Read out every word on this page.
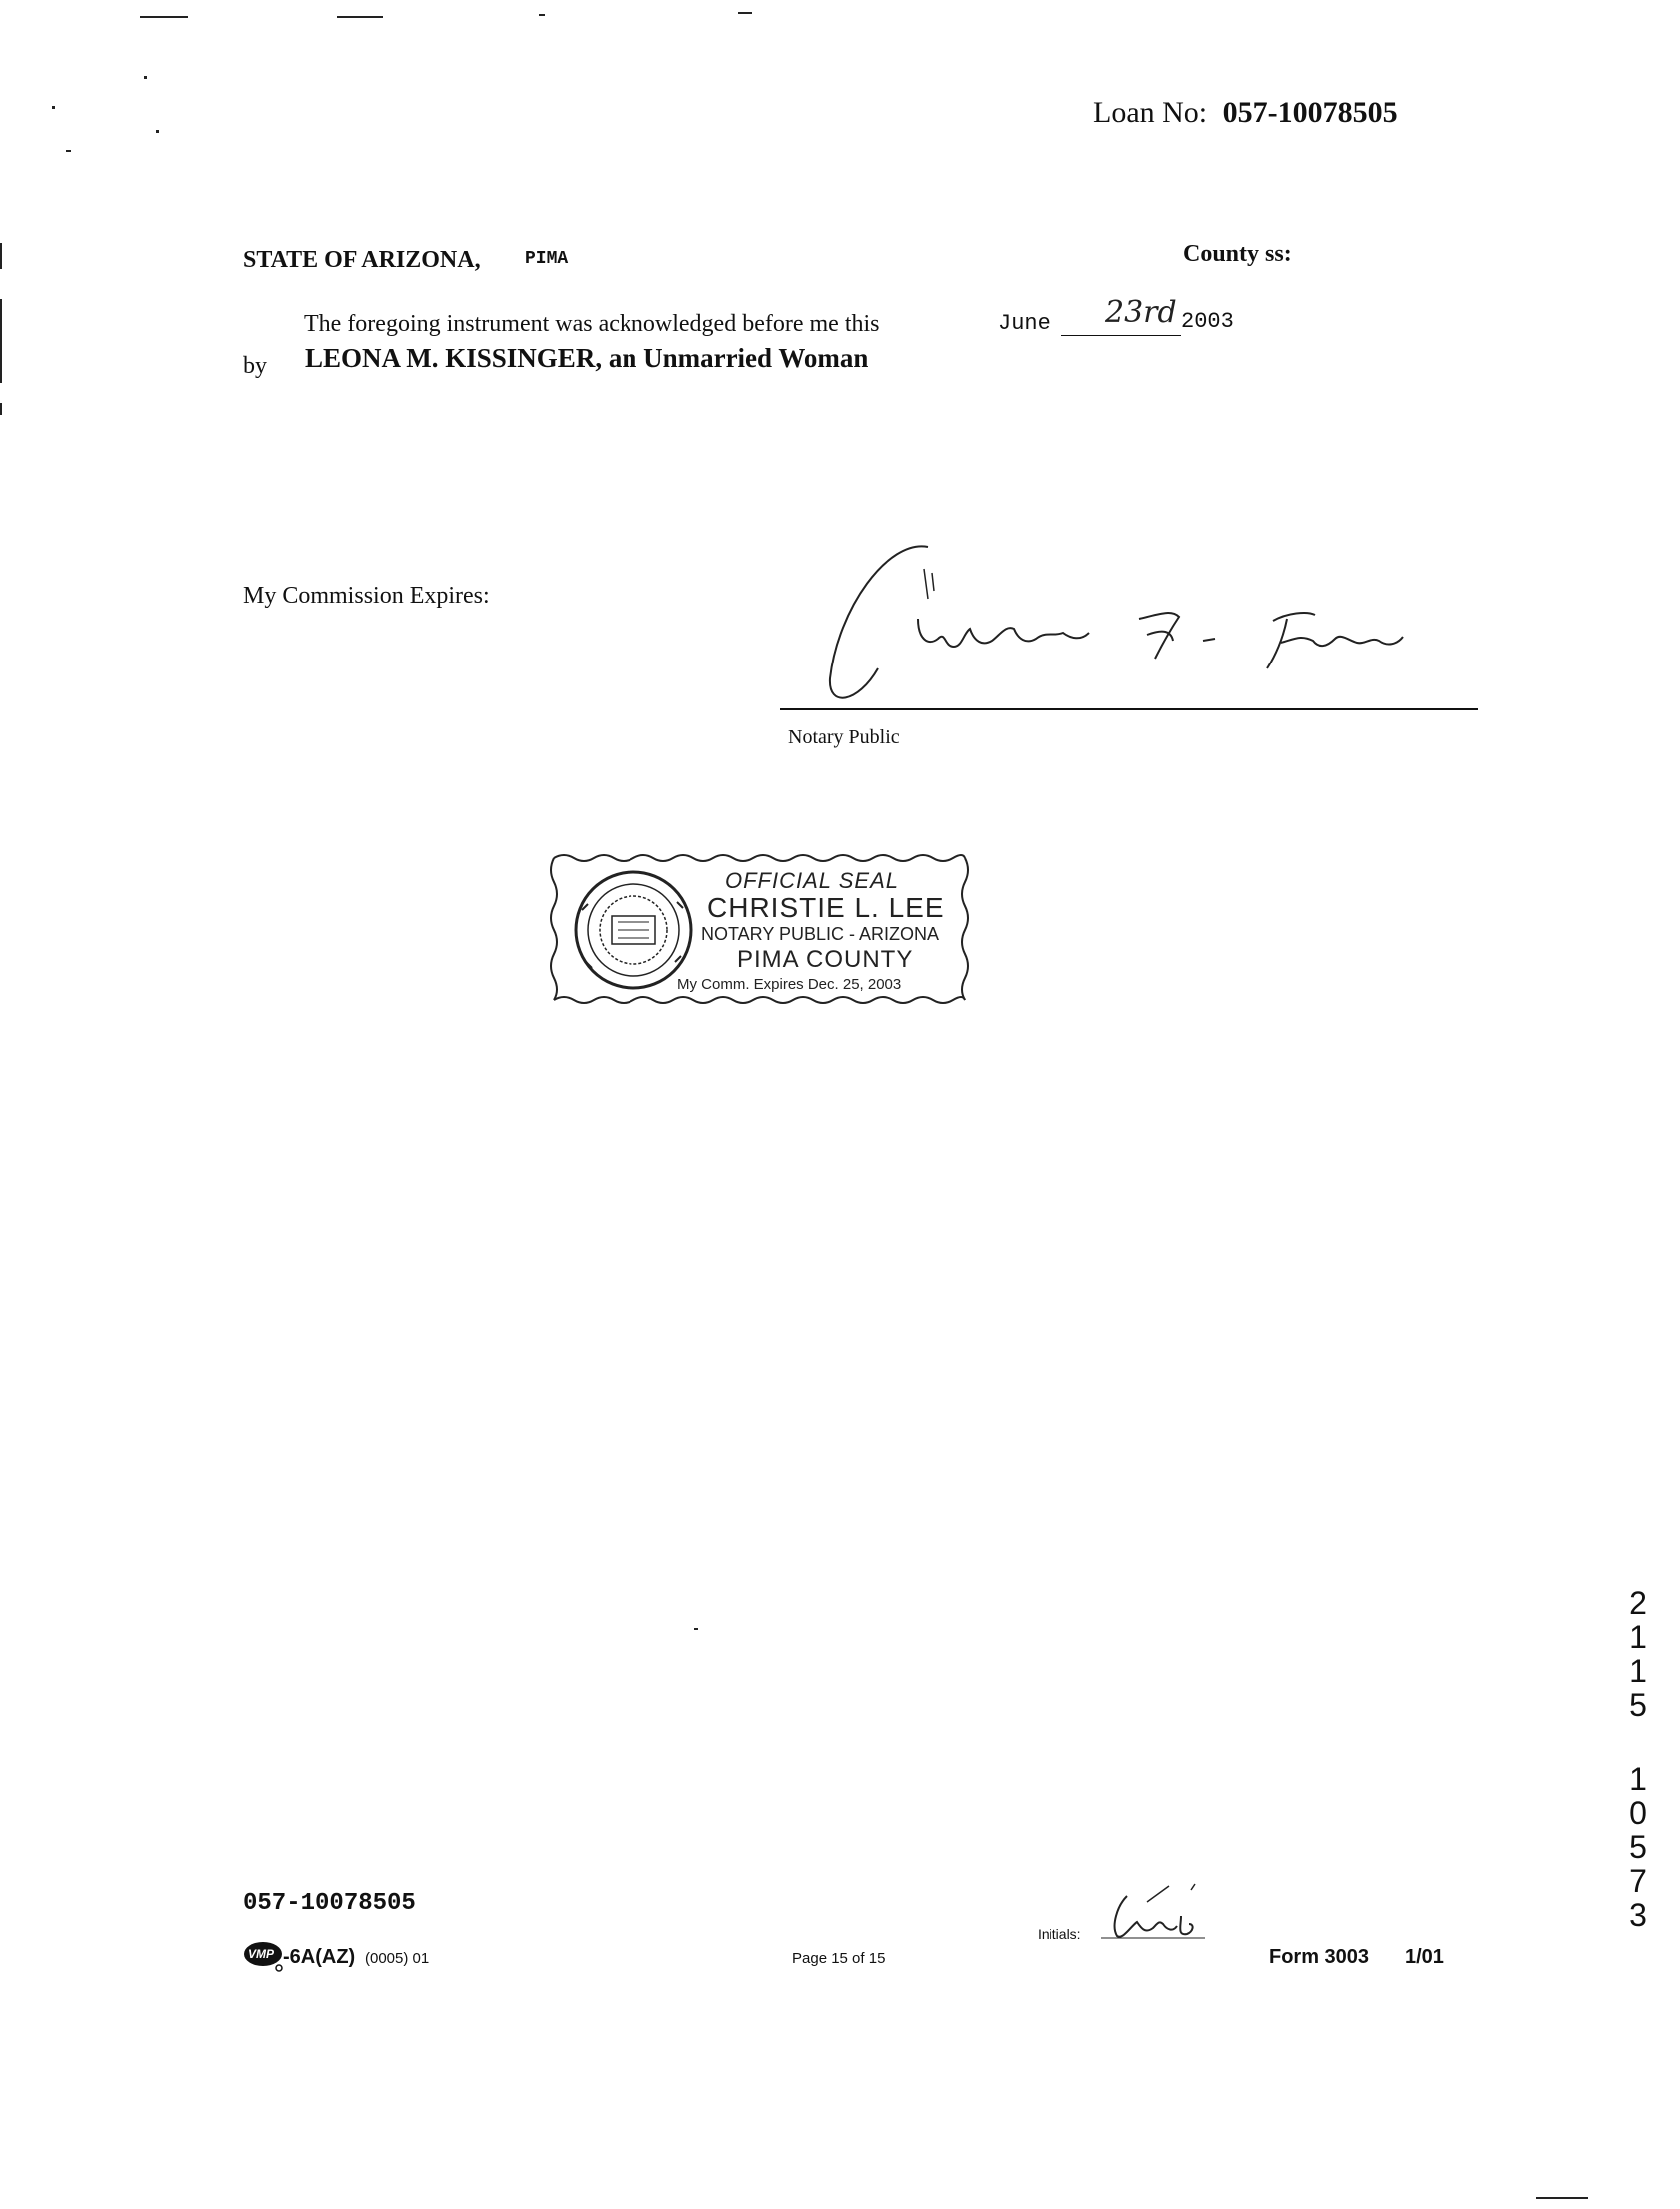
Loan No: 057-10078505
STATE OF ARIZONA, PIMA	County ss:
The foregoing instrument was acknowledged before me this	June 23rd 2003
by LEONA M. KISSINGER, an Unmarried Woman
My Commission Expires:
Notary Public
OFFICIAL SEAL
CHRISTIE L. LEE
NOTARY PUBLIC - ARIZONA
PIMA COUNTY
My Comm. Expires Dec. 25, 2003
2
1
1
5
1
0
5
7
3
057-10078505
VMP -6A(AZ) (0005) 01	Page 15 of 15
Initials:
Form 3003 1/01
